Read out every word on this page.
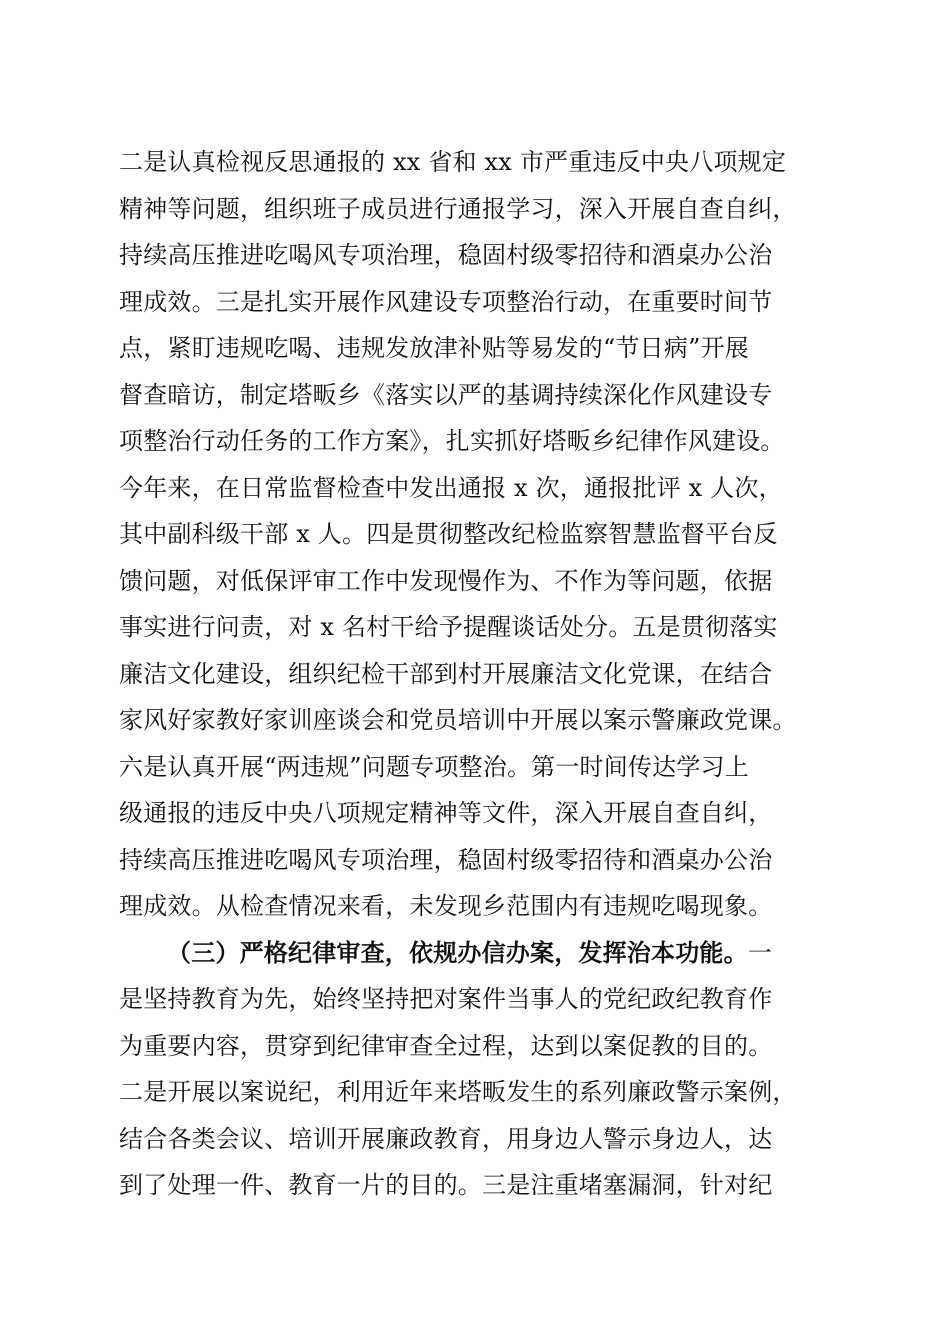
二是认真检视反思通报的 xx 省和 xx 市严重违反中央八项规定
精神等问题，组织班子成员进行通报学习，深入开展自查自纠，
持续高压推进吃喝风专项治理，稳固村级零招待和酒桌办公治
理成效。三是扎实开展作风建设专项整治行动，在重要时间节
点，紧盯违规吃喝、违规发放津补贴等易发的“节日病”开展
督查暗访，制定塔畈乡《落实以严的基调持续深化作风建设专
项整治行动任务的工作方案》，扎实抓好塔畈乡纪律作风建设。
今年来，在日常监督检查中发出通报 x 次，通报批评 x 人次，
其中副科级干部 x 人。四是贯彻整改纪检监察智慧监督平台反
馈问题，对低保评审工作中发现慢作为、不作为等问题，依据
事实进行问责，对 x 名村干给予提醒谈话处分。五是贯彻落实
廉洁文化建设，组织纪检干部到村开展廉洁文化党课，在结合
家风好家教好家训座谈会和党员培训中开展以案示警廉政党课。
六是认真开展“两违规”问题专项整治。第一时间传达学习上
级通报的违反中央八项规定精神等文件，深入开展自查自纠，
持续高压推进吃喝风专项治理，稳固村级零招待和酒桌办公治
理成效。从检查情况来看，未发现乡范围内有违规吃喝现象。
（三）严格纪律审查，依规办信办案，发挥治本功能。一
是坚持教育为先，始终坚持把对案件当事人的党纪政纪教育作
为重要内容，贯穿到纪律审查全过程，达到以案促教的目的。
二是开展以案说纪，利用近年来塔畈发生的系列廉政警示案例，
结合各类会议、培训开展廉政教育，用身边人警示身边人，达
到了处理一件、教育一片的目的。三是注重堵塞漏洞，针对纪
